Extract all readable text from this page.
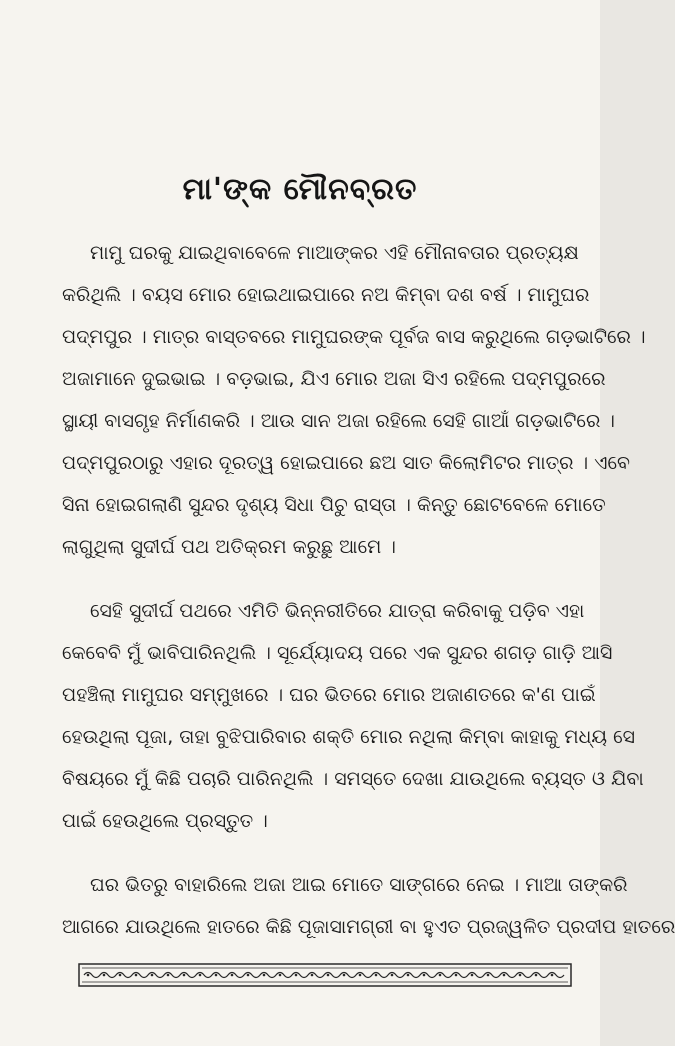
ମା'ଙ୍କ ମୌନବ୍ରତ

ମାମୁ ଘରକୁ ଯାଇଥିବାବେଳେ ମାଆଙ୍କର ଏହି ମୌନାବତାର ପ୍ରତ୍ୟକ୍ଷ
କରିଥିଲି । ବୟସ ମୋର ହୋଇଥାଇପାରେ ନଅ କିମ୍ବା ଦଶ ବର୍ଷ । ମାମୁଘର
ପଦ୍ମପୁର । ମାତ୍ର ବାସ୍ତବରେ ମାମୁଘରଙ୍କ ପୂର୍ବଜ ବାସ କରୁଥିଲେ ଗଡ଼ଭାଟିରେ ।
ଅଜାମାନେ ଦୁଇଭାଇ । ବଡ଼ଭାଇ, ଯିଏ ମୋର ଅଜା ସିଏ ରହିଲେ ପଦ୍ମପୁରରେ
ସ୍ଥାୟୀ ବାସଗୃହ ନିର୍ମାଣକରି । ଆଉ ସାନ ଅଜା ରହିଲେ ସେହି ଗାଆଁ ଗଡ଼ଭାଟିରେ ।
ପଦ୍ମପୁରଠାରୁ ଏହାର ଦୂରତ୍ୱ ହୋଇପାରେ ଛଅ ସାତ କିଲୋମିଟର ମାତ୍ର । ଏବେ
ସିନା ହୋଇଗଲାଣି ସୁନ୍ଦର ଦୃଶ୍ୟ ସିଧା ପିଚୁ ରାସ୍ତା । କିନ୍ତୁ ଛୋଟବେଳେ ମୋତେ
ଲାଗୁଥିଲା ସୁଦୀର୍ଘ ପଥ ଅତିକ୍ରମ କରୁଛୁ ଆମେ ।

ସେହି ସୁଦୀର୍ଘ ପଥରେ ଏମିତି ଭିନ୍ନରୀତିରେ ଯାତ୍ରା କରିବାକୁ ପଡ଼ିବ ଏହା
କେବେବି ମୁଁ ଭାବିପାରିନଥିଲି । ସୂର୍ଯ୍ୟୋଦୟ ପରେ ଏକ ସୁନ୍ଦର ଶଗଡ଼ ଗାଡ଼ି ଆସି
ପହଞ୍ଚିଲା ମାମୁଘର ସମ୍ମୁଖରେ । ଘର ଭିତରେ ମୋର ଅଜାଣତରେ କ'ଣ ପାଇଁ
ହେଉଥିଲା ପୂଜା, ତାହା ବୁଝିପାରିବାର ଶକ୍ତି ମୋର ନଥିଲା କିମ୍ବା କାହାକୁ ମଧ୍ୟ ସେ
ବିଷୟରେ ମୁଁ କିଛି ପଚାରି ପାରିନଥିଲି । ସମସ୍ତେ ଦେଖା ଯାଉଥିଲେ ବ୍ୟସ୍ତ ଓ ଯିବା
ପାଇଁ ହେଉଥିଲେ ପ୍ରସ୍ତୁତ ।

ଘର ଭିତରୁ ବାହାରିଲେ ଅଜା ଆଇ ମୋତେ ସାଙ୍ଗରେ ନେଇ । ମାଆ ତାଙ୍କରି
ଆଗରେ ଯାଉଥିଲେ ହାତରେ କିଛି ପୂଜାସାମଗ୍ରୀ ବା ହୁଏତ ପ୍ରଜ୍ୱଳିତ ପ୍ରଦୀପ ହାତରେ
